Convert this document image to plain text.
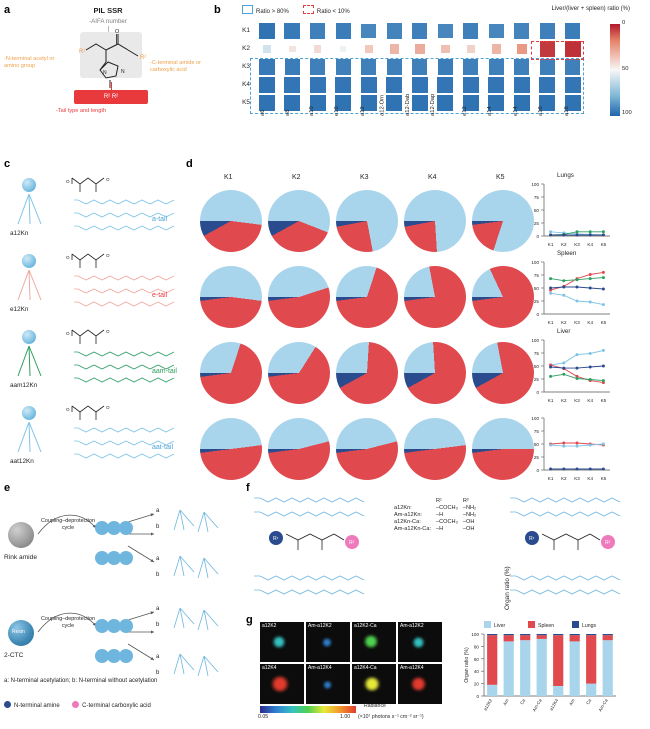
a	PIL SSR
-AIFA number
R¹
R²
O
N
N
-N-terminal acetyl or amino group	-C-terminal amide or carboxylic acid
R² R²
-Tail type and length
b	Ratio > 80%	Ratio < 10%	Liver/(liver + spleen) ratio (%)
K1
K2
K3
K4
K5
a6	a8	a10	e10	a12 a12-Orn	a12-Dab	a12-Dap	e12	a14	e14	a16	a18
0
50
100
c
a12Kn
O	O
e12Kn
O	O
aam12Kn
O	O
aat12Kn
O	O
d
K1	K2	K3	K4	K5
a-tail
e-tail
aam-tail
aat-tail
Lungs
0
25
50
75
100
K1 K2 K3 K4 K5
Spleen
0
25
50
75
100
K1 K2 K3 K4 K5
Liver
0
25
50
75
100
K1 K2 K3 K4 K5
0
25
50
75
100
K1 K2 K3 K4 K5
Organ ratio (%)
e
Rink amide
Coupling–deprotection cycle
a
b
a
b
Resin
2-CTC
Coupling–deprotection cycle
a
b
a
b
a: N-terminal acetylation; b: N-terminal without acetylation
N-terminal amine	C-terminal carboxylic acid
f
R¹
R²
R¹
R²
	R¹	R²
a12Kn:	–COCH₃	–NH₂
Am-a12Kn:	–H	–NH₂
a12Kn-Ca:	–COCH₃	–OH
Am-a12Kn-Ca:	–H	–OH
g a12K2	Am-a12K2	a12K2-Ca	Am-a12K2
a12K4	Am-a12K4	a12K4-Ca	Am-a12K4
0.05	1.00
Radiance
(×10⁷ photons s⁻¹ cm⁻² sr⁻¹)
0
20
40
60
80
100
a12K2 Am Ca Am-Ca a12K4 Am Ca Am-Ca
Organ ratio (%)
Liver	Spleen	Lungs
